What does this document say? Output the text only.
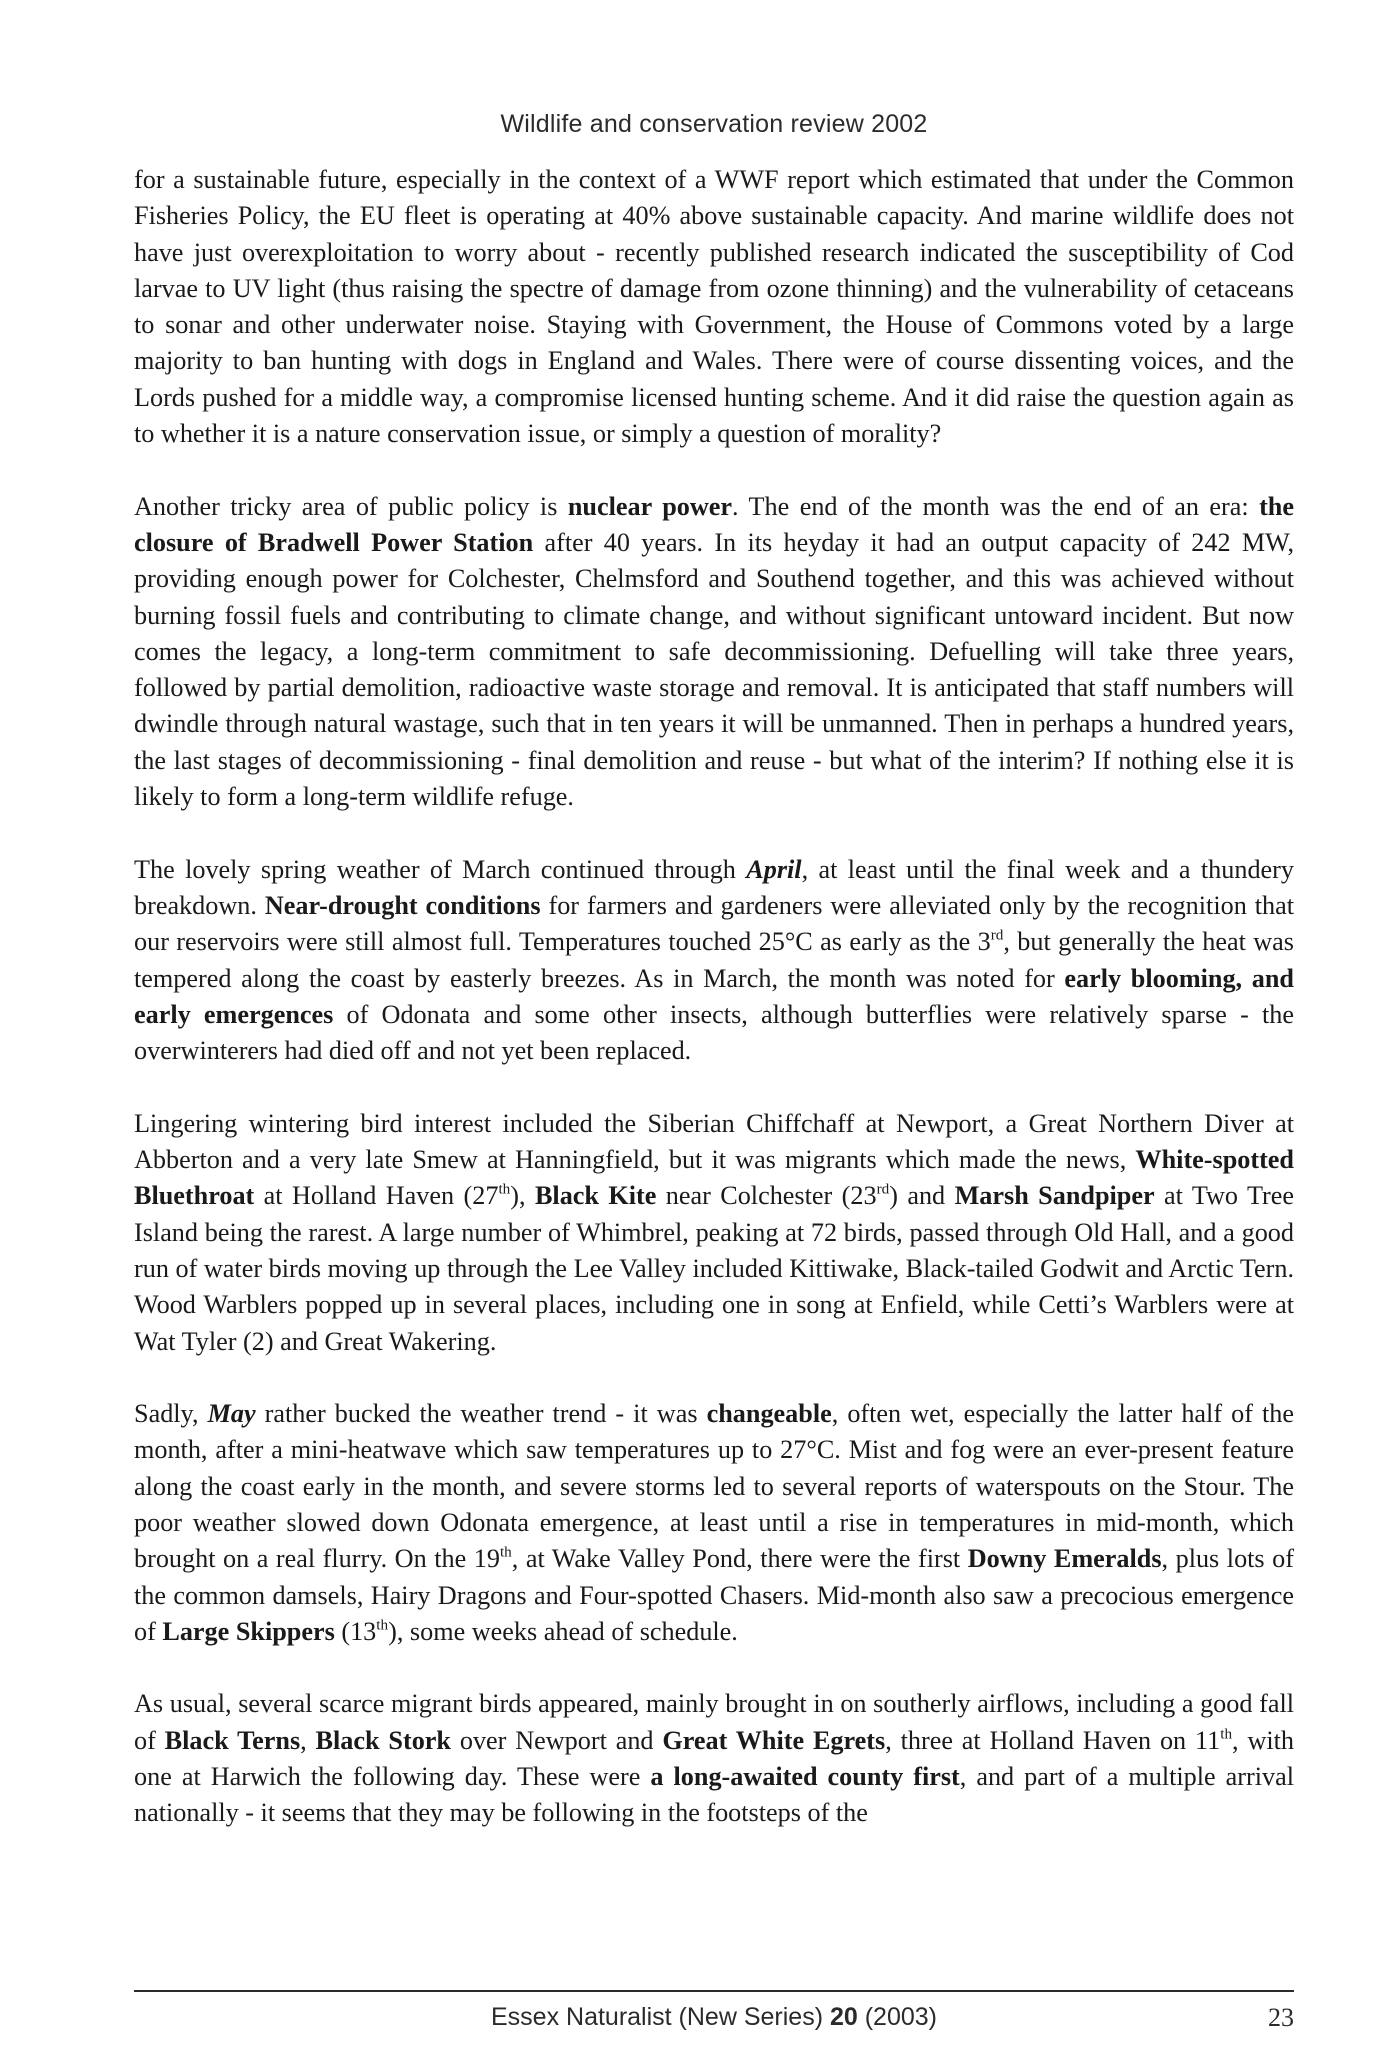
Wildlife and conservation review 2002

for a sustainable future, especially in the context of a WWF report which estimated that under the Common Fisheries Policy, the EU fleet is operating at 40% above sustainable capacity. And marine wildlife does not have just overexploitation to worry about - recently published research indicated the susceptibility of Cod larvae to UV light (thus raising the spectre of damage from ozone thinning) and the vulnerability of cetaceans to sonar and other underwater noise. Staying with Government, the House of Commons voted by a large majority to ban hunting with dogs in England and Wales. There were of course dissenting voices, and the Lords pushed for a middle way, a compromise licensed hunting scheme. And it did raise the question again as to whether it is a nature conservation issue, or simply a question of morality?

Another tricky area of public policy is nuclear power. The end of the month was the end of an era: the closure of Bradwell Power Station after 40 years. In its heyday it had an output capacity of 242 MW, providing enough power for Colchester, Chelmsford and Southend together, and this was achieved without burning fossil fuels and contributing to climate change, and without significant untoward incident. But now comes the legacy, a long-term commitment to safe decommissioning. Defuelling will take three years, followed by partial demolition, radioactive waste storage and removal. It is anticipated that staff numbers will dwindle through natural wastage, such that in ten years it will be unmanned. Then in perhaps a hundred years, the last stages of decommissioning - final demolition and reuse - but what of the interim? If nothing else it is likely to form a long-term wildlife refuge.

The lovely spring weather of March continued through April, at least until the final week and a thundery breakdown. Near-drought conditions for farmers and gardeners were alleviated only by the recognition that our reservoirs were still almost full. Temperatures touched 25°C as early as the 3rd, but generally the heat was tempered along the coast by easterly breezes. As in March, the month was noted for early blooming, and early emergences of Odonata and some other insects, although butterflies were relatively sparse - the overwinterers had died off and not yet been replaced.

Lingering wintering bird interest included the Siberian Chiffchaff at Newport, a Great Northern Diver at Abberton and a very late Smew at Hanningfield, but it was migrants which made the news, White-spotted Bluethroat at Holland Haven (27th), Black Kite near Colchester (23rd) and Marsh Sandpiper at Two Tree Island being the rarest. A large number of Whimbrel, peaking at 72 birds, passed through Old Hall, and a good run of water birds moving up through the Lee Valley included Kittiwake, Black-tailed Godwit and Arctic Tern. Wood Warblers popped up in several places, including one in song at Enfield, while Cetti’s Warblers were at Wat Tyler (2) and Great Wakering.

Sadly, May rather bucked the weather trend - it was changeable, often wet, especially the latter half of the month, after a mini-heatwave which saw temperatures up to 27°C. Mist and fog were an ever-present feature along the coast early in the month, and severe storms led to several reports of waterspouts on the Stour. The poor weather slowed down Odonata emergence, at least until a rise in temperatures in mid-month, which brought on a real flurry. On the 19th, at Wake Valley Pond, there were the first Downy Emeralds, plus lots of the common damsels, Hairy Dragons and Four-spotted Chasers. Mid-month also saw a precocious emergence of Large Skippers (13th), some weeks ahead of schedule.

As usual, several scarce migrant birds appeared, mainly brought in on southerly airflows, including a good fall of Black Terns, Black Stork over Newport and Great White Egrets, three at Holland Haven on 11th, with one at Harwich the following day. These were a long-awaited county first, and part of a multiple arrival nationally - it seems that they may be following in the footsteps of the

Essex Naturalist (New Series) 20 (2003)	23
